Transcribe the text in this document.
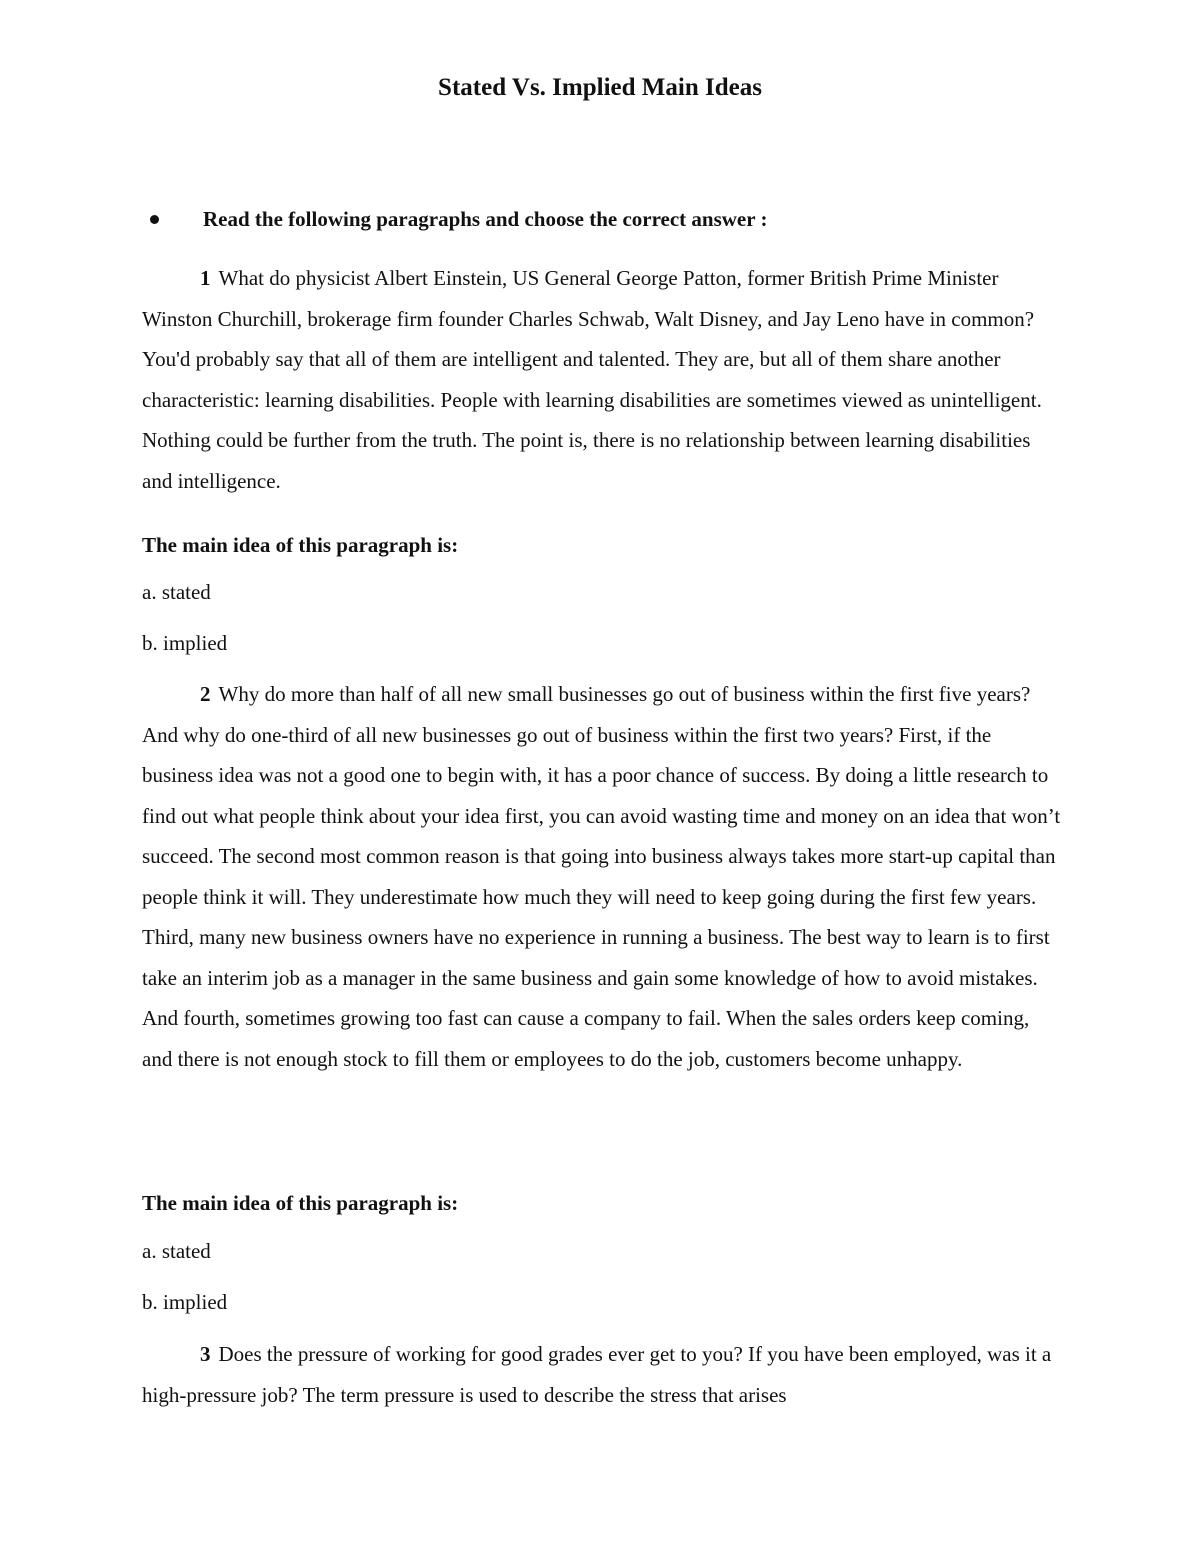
Stated Vs. Implied Main Ideas
Read the following paragraphs and choose the correct answer :

1 What do physicist Albert Einstein, US General George Patton, former British Prime Minister Winston Churchill, brokerage firm founder Charles Schwab, Walt Disney, and Jay Leno have in common? You'd probably say that all of them are intelligent and talented. They are, but all of them share another characteristic: learning disabilities. People with learning disabilities are sometimes viewed as unintelligent. Nothing could be further from the truth. The point is, there is no relationship between learning disabilities and intelligence.

The main idea of this paragraph is:
a. stated
b. implied

2 Why do more than half of all new small businesses go out of business within the first five years? And why do one-third of all new businesses go out of business within the first two years? First, if the business idea was not a good one to begin with, it has a poor chance of success. By doing a little research to find out what people think about your idea first, you can avoid wasting time and money on an idea that won’t succeed. The second most common reason is that going into business always takes more start-up capital than people think it will. They underestimate how much they will need to keep going during the first few years. Third, many new business owners have no experience in running a business. The best way to learn is to first take an interim job as a manager in the same business and gain some knowledge of how to avoid mistakes. And fourth, sometimes growing too fast can cause a company to fail. When the sales orders keep coming, and there is not enough stock to fill them or employees to do the job, customers become unhappy.

The main idea of this paragraph is:
a. stated
b. implied

3 Does the pressure of working for good grades ever get to you? If you have been employed, was it a high-pressure job? The term pressure is used to describe the stress that arises
